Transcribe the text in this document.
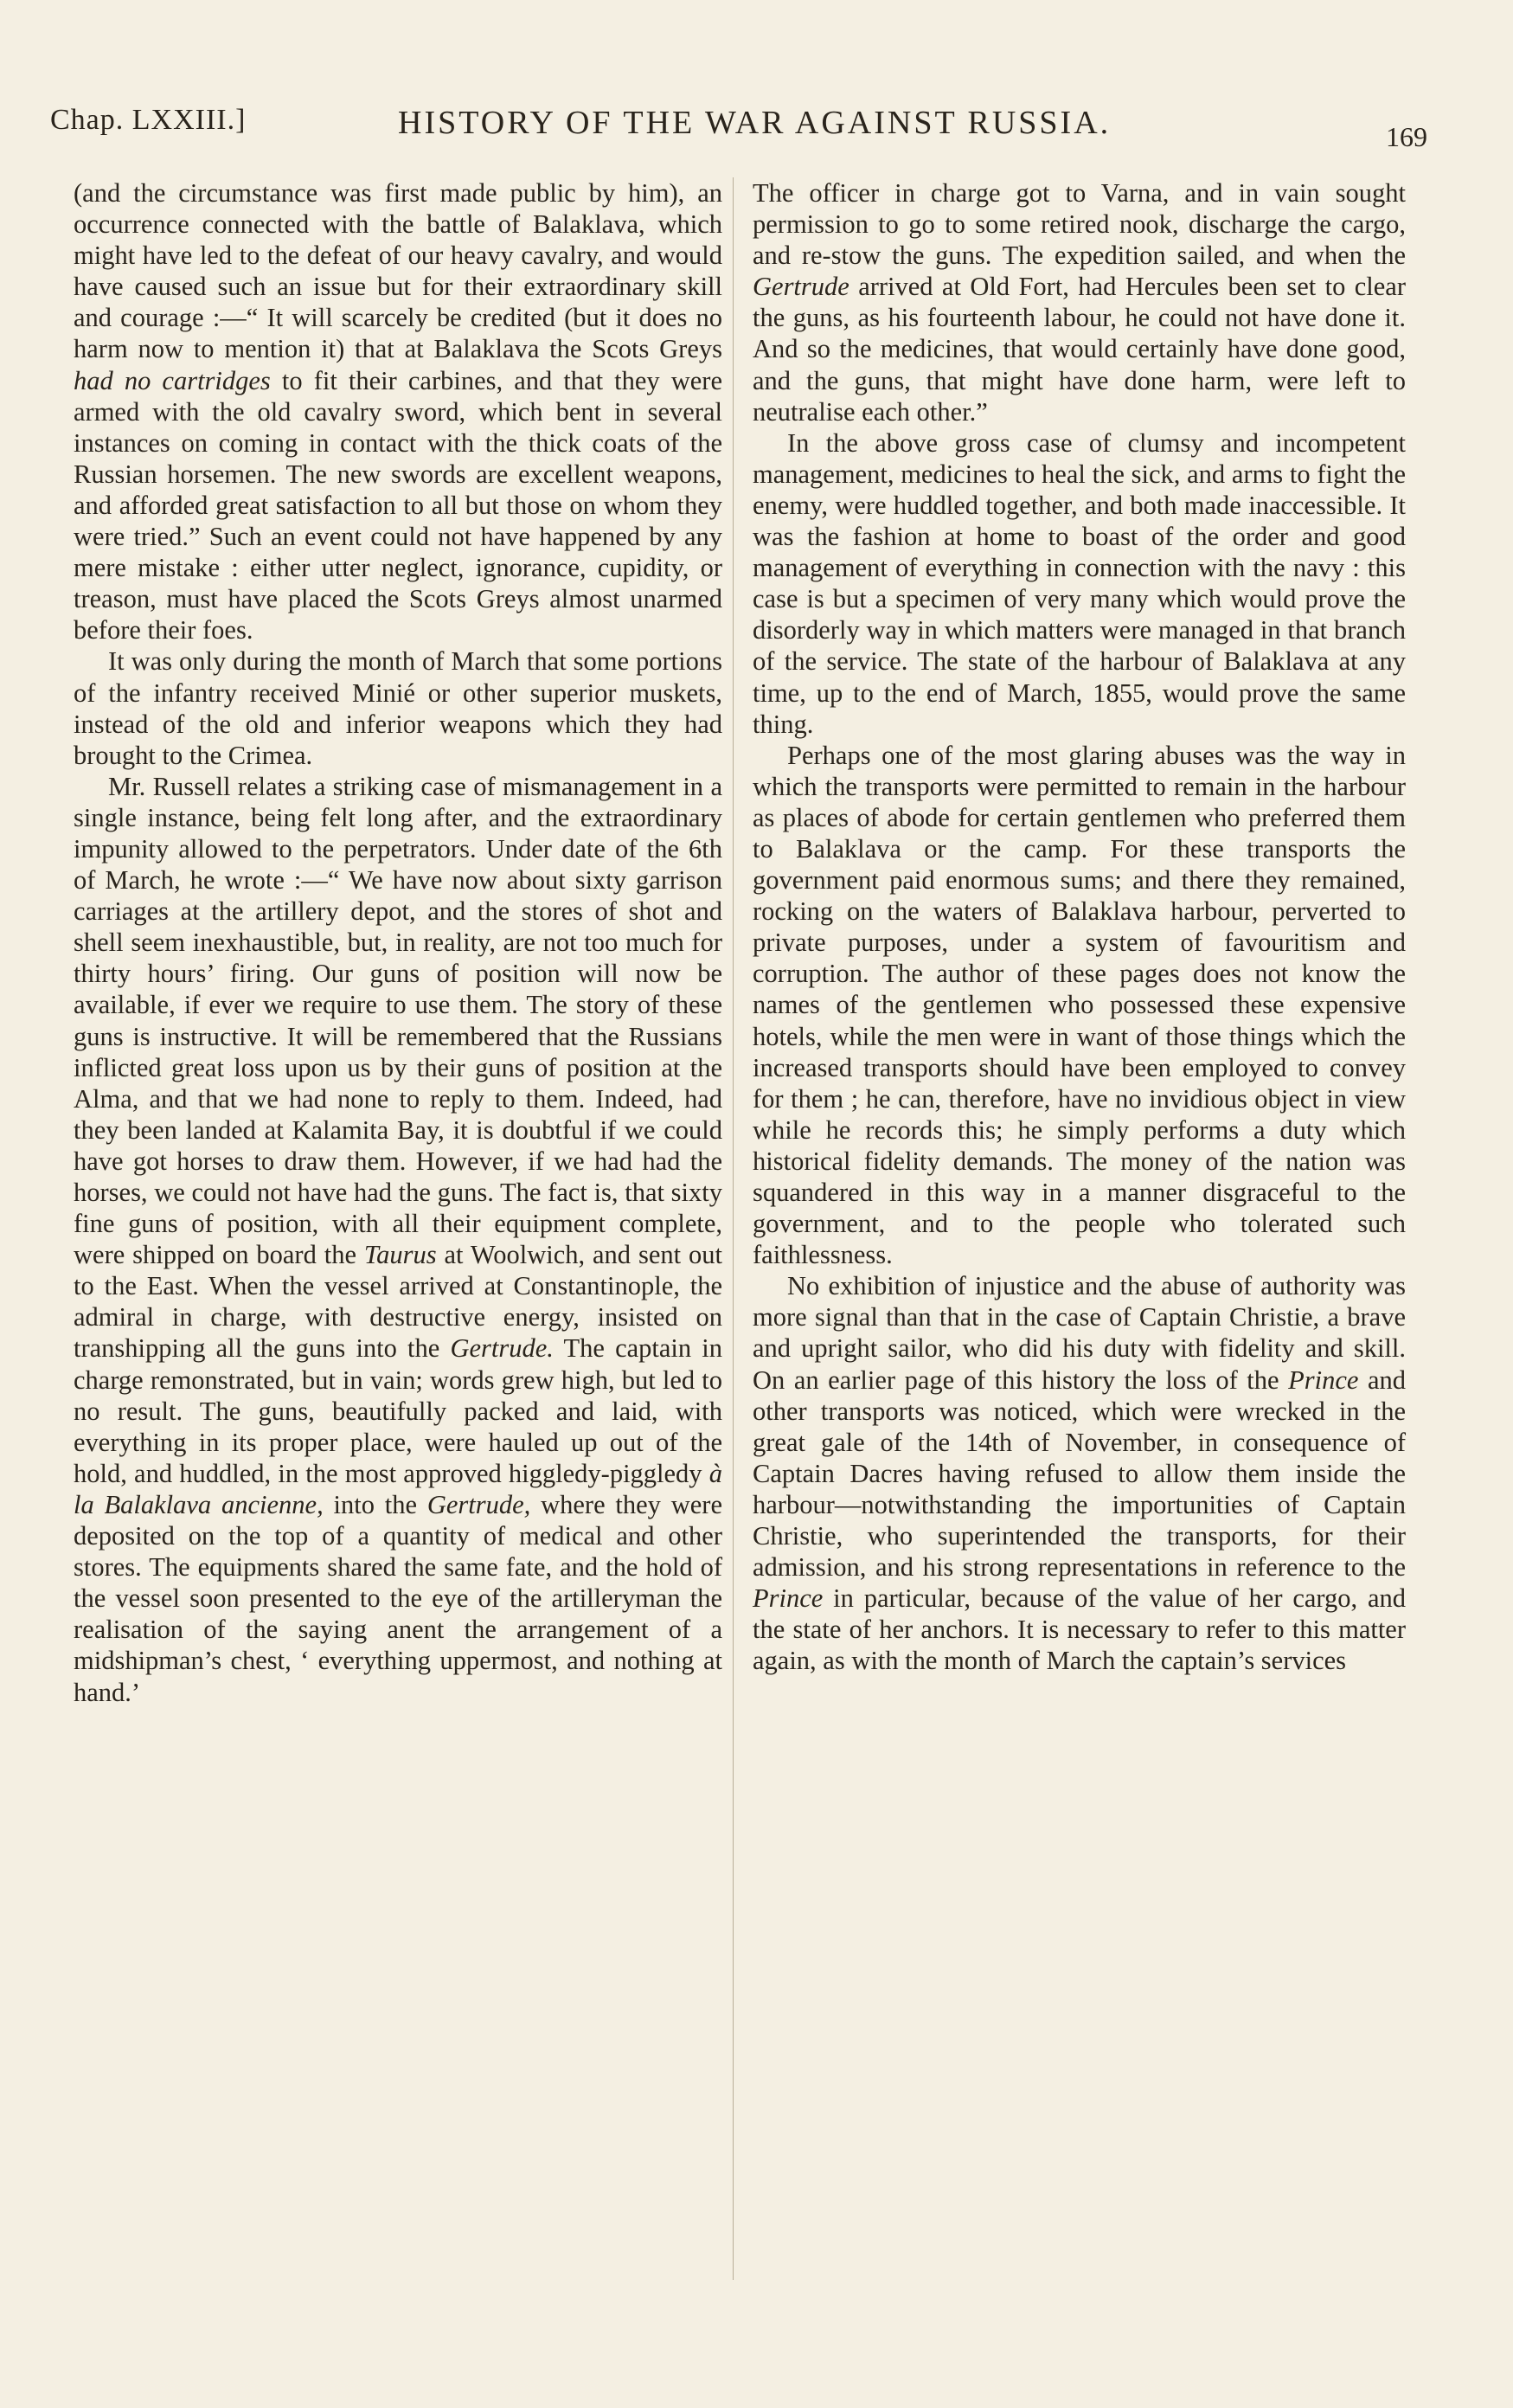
Chap. LXXIII.]	HISTORY OF THE WAR AGAINST RUSSIA.	169

(and the circumstance was first made public by him), an occurrence connected with the battle of Balaklava, which might have led to the defeat of our heavy cavalry, and would have caused such an issue but for their extraordinary skill and courage :—“ It will scarcely be credited (but it does no harm now to mention it) that at Balaklava the Scots Greys had no cartridges to fit their carbines, and that they were armed with the old cavalry sword, which bent in several instances on coming in contact with the thick coats of the Russian horsemen. The new swords are excellent weapons, and afforded great satisfaction to all but those on whom they were tried.” Such an event could not have happened by any mere mistake : either utter neglect, ignorance, cupidity, or treason, must have placed the Scots Greys almost unarmed before their foes.

It was only during the month of March that some portions of the infantry received Minié or other superior muskets, instead of the old and inferior weapons which they had brought to the Crimea.

Mr. Russell relates a striking case of mismanagement in a single instance, being felt long after, and the extraordinary impunity allowed to the perpetrators. Under date of the 6th of March, he wrote :—“ We have now about sixty garrison carriages at the artillery depot, and the stores of shot and shell seem inexhaustible, but, in reality, are not too much for thirty hours’ firing. Our guns of position will now be available, if ever we require to use them. The story of these guns is instructive. It will be remembered that the Russians inflicted great loss upon us by their guns of position at the Alma, and that we had none to reply to them. Indeed, had they been landed at Kalamita Bay, it is doubtful if we could have got horses to draw them. However, if we had had the horses, we could not have had the guns. The fact is, that sixty fine guns of position, with all their equipment complete, were shipped on board the Taurus at Woolwich, and sent out to the East. When the vessel arrived at Constantinople, the admiral in charge, with destructive energy, insisted on transhipping all the guns into the Gertrude. The captain in charge remonstrated, but in vain; words grew high, but led to no result. The guns, beautifully packed and laid, with everything in its proper place, were hauled up out of the hold, and huddled, in the most approved higgledy-piggledy à la Balaklava ancienne, into the Gertrude, where they were deposited on the top of a quantity of medical and other stores. The equipments shared the same fate, and the hold of the vessel soon presented to the eye of the artilleryman the realisation of the saying anent the arrangement of a midshipman’s chest, ‘ everything uppermost, and nothing at hand.’

The officer in charge got to Varna, and in vain sought permission to go to some retired nook, discharge the cargo, and re-stow the guns. The expedition sailed, and when the Gertrude arrived at Old Fort, had Hercules been set to clear the guns, as his fourteenth labour, he could not have done it. And so the medicines, that would certainly have done good, and the guns, that might have done harm, were left to neutralise each other.”

In the above gross case of clumsy and incompetent management, medicines to heal the sick, and arms to fight the enemy, were huddled together, and both made inaccessible. It was the fashion at home to boast of the order and good management of everything in connection with the navy : this case is but a specimen of very many which would prove the disorderly way in which matters were managed in that branch of the service. The state of the harbour of Balaklava at any time, up to the end of March, 1855, would prove the same thing.

Perhaps one of the most glaring abuses was the way in which the transports were permitted to remain in the harbour as places of abode for certain gentlemen who preferred them to Balaklava or the camp. For these transports the government paid enormous sums; and there they remained, rocking on the waters of Balaklava harbour, perverted to private purposes, under a system of favouritism and corruption. The author of these pages does not know the names of the gentlemen who possessed these expensive hotels, while the men were in want of those things which the increased transports should have been employed to convey for them ; he can, therefore, have no invidious object in view while he records this; he simply performs a duty which historical fidelity demands. The money of the nation was squandered in this way in a manner disgraceful to the government, and to the people who tolerated such faithlessness.

No exhibition of injustice and the abuse of authority was more signal than that in the case of Captain Christie, a brave and upright sailor, who did his duty with fidelity and skill. On an earlier page of this history the loss of the Prince and other transports was noticed, which were wrecked in the great gale of the 14th of November, in consequence of Captain Dacres having refused to allow them inside the harbour—notwithstanding the importunities of Captain Christie, who superintended the transports, for their admission, and his strong representations in reference to the Prince in particular, because of the value of her cargo, and the state of her anchors. It is necessary to refer to this matter again, as with the month of March the captain’s services
